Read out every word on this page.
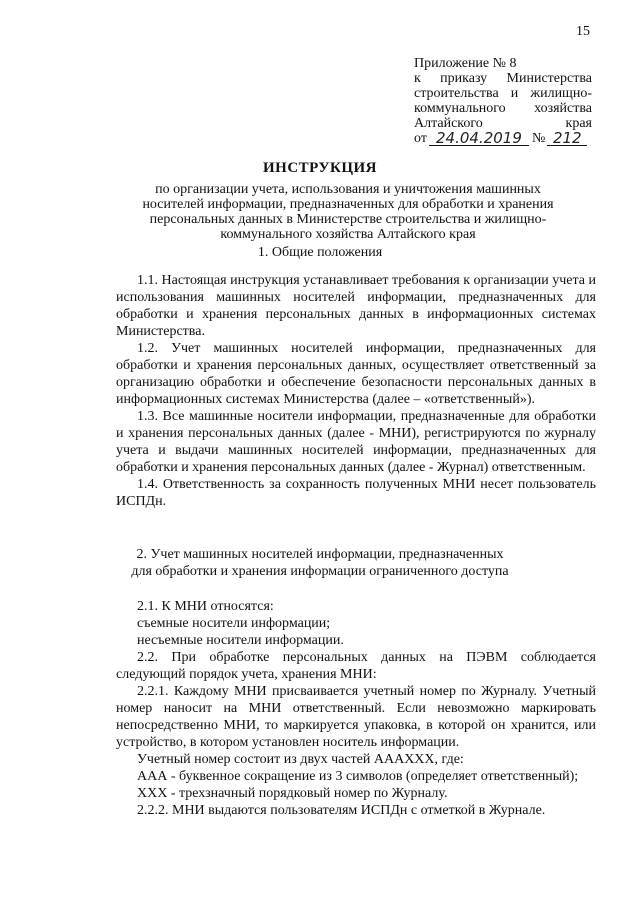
15
Приложение № 8
к приказу Министерства
строительства и жилищно-
коммунального хозяйства
Алтайского края
от 24.04.2019 № 212
ИНСТРУКЦИЯ
по организации учета, использования и уничтожения машинных носителей информации, предназначенных для обработки и хранения персональных данных в Министерстве строительства и жилищно-коммунального хозяйства Алтайского края
1. Общие положения

1.1. Настоящая инструкция устанавливает требования к организации учета и использования машинных носителей информации, предназначенных для обработки и хранения персональных данных в информационных системах Министерства.

1.2. Учет машинных носителей информации, предназначенных для обработки и хранения персональных данных, осуществляет ответственный за организацию обработки и обеспечение безопасности персональных данных в информационных системах Министерства (далее – «ответственный»).

1.3. Все машинные носители информации, предназначенные для обработки и хранения персональных данных (далее - МНИ), регистрируются по журналу учета и выдачи машинных носителей информации, предназначенных для обработки и хранения персональных данных (далее - Журнал) ответственным.

1.4. Ответственность за сохранность полученных МНИ несет пользователь ИСПДн.

2. Учет машинных носителей информации, предназначенных
для обработки и хранения информации ограниченного доступа

2.1. К МНИ относятся:

съемные носители информации;

несъемные носители информации.

2.2. При обработке персональных данных на ПЭВМ соблюдается следующий порядок учета, хранения МНИ:

2.2.1. Каждому МНИ присваивается учетный номер по Журналу. Учетный номер наносит на МНИ ответственный. Если невозможно маркировать непосредственно МНИ, то маркируется упаковка, в которой он хранится, или устройство, в котором установлен носитель информации.

Учетный номер состоит из двух частей АААХХХ, где:

ААА - буквенное сокращение из 3 символов (определяет ответственный);

ХХХ - трехзначный порядковый номер по Журналу.

2.2.2. МНИ выдаются пользователям ИСПДн с отметкой в Журнале.
